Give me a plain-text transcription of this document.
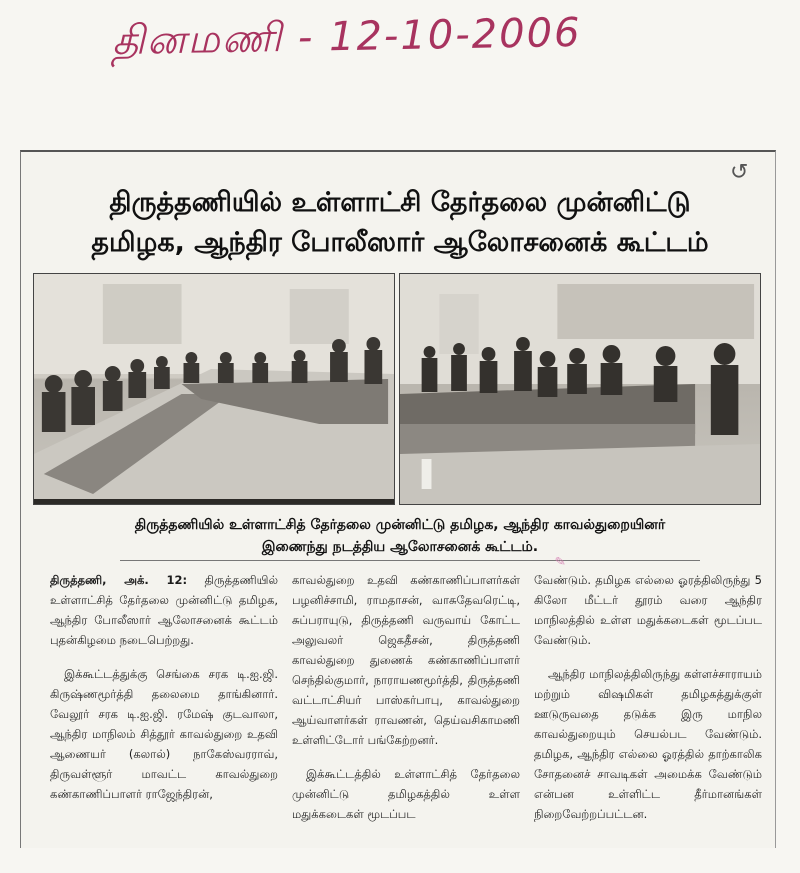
தினமணி - 12-10-2006
↺
திருத்தணியில் உள்ளாட்சி தேர்தலை முன்னிட்டு
தமிழக, ஆந்திர போலீஸார் ஆலோசனைக் கூட்டம்
திருத்தணியில் உள்ளாட்சித் தேர்தலை முன்னிட்டு தமிழக, ஆந்திர காவல்துறையினர்
இணைந்து நடத்திய ஆலோசனைக் கூட்டம்.
✎

திருத்தணி, அக். 12: திருத்தணியில் உள்ளாட்சித் தேர்தலை முன்னிட்டு தமிழக, ஆந்திர போலீஸார் ஆலோசனைக் கூட்டம் புதன்கிழமை நடைபெற்றது.

இக்கூட்டத்துக்கு செங்கை சரக டி.ஐ.ஜி. கிருஷ்ணமூர்த்தி தலைமை தாங்கினார். வேலூர் சரக டி.ஐ.ஜி. ரமேஷ் குடவாலா, ஆந்திர மாநிலம் சித்தூர் காவல்துறை உதவி ஆணையர் (கலால்) நாகேஸ்வரராவ், திருவள்ளூர் மாவட்ட காவல்துறை கண்காணிப்பாளர் ராஜேந்திரன்,

காவல்துறை உதவி கண்காணிப்பாளர்கள் பழனிச்சாமி, ராமதாசன், வாசுதேவரெட்டி, சுப்பராயுடு, திருத்தணி வருவாய் கோட்ட அலுவலர் ஜெகதீசன், திருத்தணி காவல்துறை துணைக் கண்காணிப்பாளர் செந்தில்குமார், நாராயணமூர்த்தி, திருத்தணி வட்டாட்சியர் பாஸ்கர்பாபு, காவல்துறை ஆய்வாளர்கள் ராவணன், தெய்வசிகாமணி உள்ளிட்டோர் பங்கேற்றனர்.

இக்கூட்டத்தில் உள்ளாட்சித் தேர்தலை முன்னிட்டு தமிழகத்தில் உள்ள மதுக்கடைகள் மூடப்பட

வேண்டும். தமிழக எல்லை ஓரத்திலிருந்து 5 கிலோ மீட்டர் தூரம் வரை ஆந்திர மாநிலத்தில் உள்ள மதுக்கடைகள் மூடப்பட வேண்டும்.

ஆந்திர மாநிலத்திலிருந்து கள்ளச்சாராயம் மற்றும் விஷமிகள் தமிழகத்துக்குள் ஊடுருவதை தடுக்க இரு மாநில காவல்துறையும் செயல்பட வேண்டும். தமிழக, ஆந்திர எல்லை ஓரத்தில் தாற்காலிக சோதனைச் சாவடிகள் அமைக்க வேண்டும் என்பன உள்ளிட்ட தீர்மானங்கள் நிறைவேற்றப்பட்டன.
